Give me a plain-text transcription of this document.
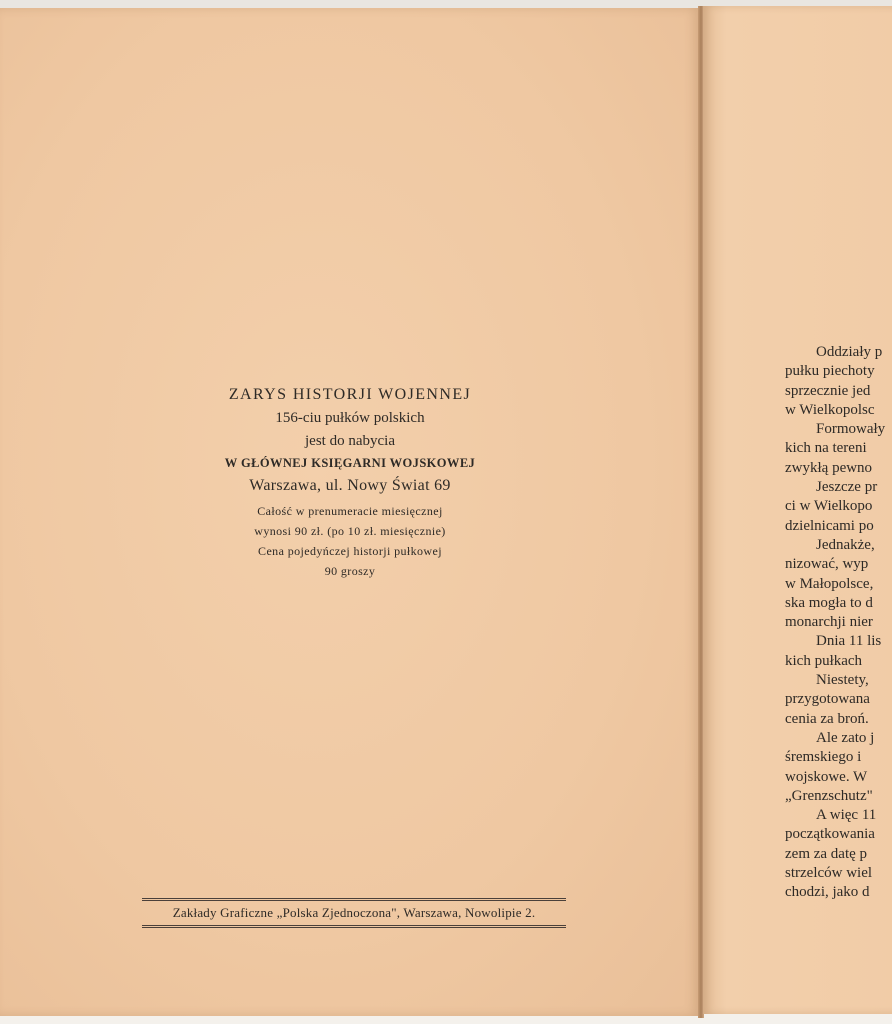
ZARYS HISTORJI WOJENNEJ
156-ciu pułków polskich
jest do nabycia
W GŁÓWNEJ KSIĘGARNI WOJSKOWEJ
Warszawa, ul. Nowy Świat 69
Całość w prenumeracie miesięcznej
wynosi 90 zł. (po 10 zł. miesięcznie)
Cena pojedyńczej historji pułkowej
90 groszy
Zakłady Graficzne „Polska Zjednoczona", Warszawa, Nowolipie 2.
Oddziały p
pułku piechoty
sprzecznie jed
w Wielkopolsc
Formowały
kich na tereni
zwykłą pewno
Jeszcze pr
ci w Wielkopo
dzielnicami po
Jednakże,
nizować, wyp
w Małopolsce,
ska mogła to d
monarchji nier
Dnia 11 lis
kich pułkach
Niestety,
przygotowana
cenia za broń.
Ale zato j
śremskiego i
wojskowe. W
„Grenzschutz"
A więc 11
początkowania
zem za datę p
strzelców wiel
chodzi, jako d
